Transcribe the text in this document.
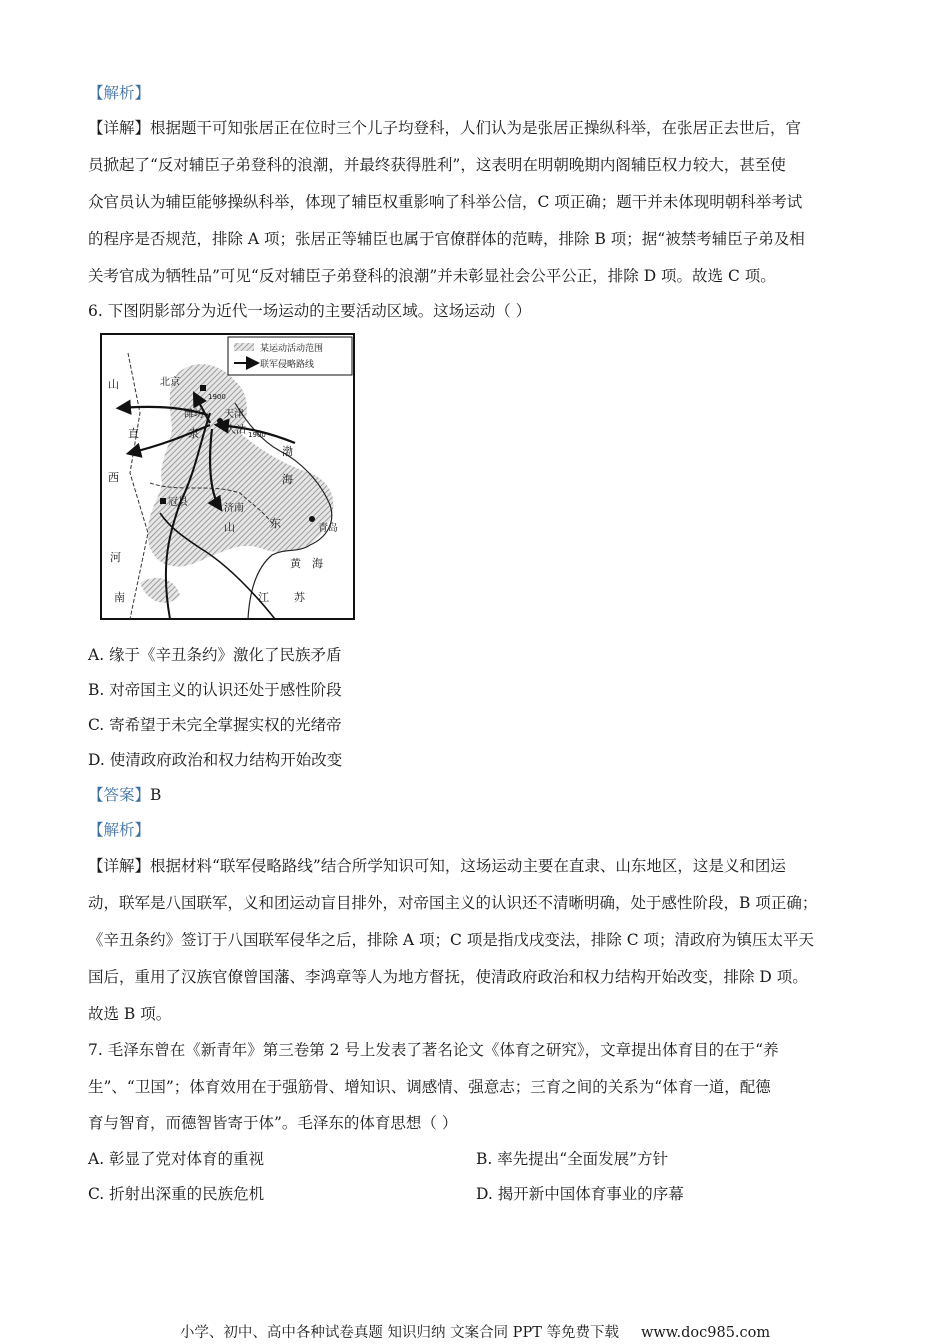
【解析】
【详解】根据题干可知张居正在位时三个儿子均登科，人们认为是张居正操纵科举，在张居正去世后，官
员掀起了“反对辅臣子弟登科的浪潮，并最终获得胜利”，这表明在明朝晚期内阁辅臣权力较大，甚至使
众官员认为辅臣能够操纵科举，体现了辅臣权重影响了科举公信，C 项正确；题干并未体现明朝科举考试
的程序是否规范，排除 A 项；张居正等辅臣也属于官僚群体的范畴，排除 B 项；据“被禁考辅臣子弟及相
关考官成为牺牲品”可见“反对辅臣子弟登科的浪潮”并未彰显社会公平公正，排除 D 项。故选 C 项。
6. 下图阴影部分为近代一场运动的主要活动区域。这场运动（ ）
某运动活动范围
联军侵略路线
山
西
北京
1900
潍坊 天津
1900
大沽
渤
直	隶
海
冠县
济南
山	东	青岛
河	黄 海
南	江 苏
A. 缘于《辛丑条约》激化了民族矛盾
B. 对帝国主义的认识还处于感性阶段
C. 寄希望于未完全掌握实权的光绪帝
D. 使清政府政治和权力结构开始改变
【答案】B
【解析】
【详解】根据材料“联军侵略路线”结合所学知识可知，这场运动主要在直隶、山东地区，这是义和团运
动，联军是八国联军，义和团运动盲目排外，对帝国主义的认识还不清晰明确，处于感性阶段，B 项正确；
《辛丑条约》签订于八国联军侵华之后，排除 A 项；C 项是指戊戌变法，排除 C 项；清政府为镇压太平天
国后，重用了汉族官僚曾国藩、李鸿章等人为地方督抚，使清政府政治和权力结构开始改变，排除 D 项。
故选 B 项。
7. 毛泽东曾在《新青年》第三卷第 2 号上发表了著名论文《体育之研究》，文章提出体育目的在于“养
生”、“卫国”；体育效用在于强筋骨、增知识、调感情、强意志；三育之间的关系为“体育一道，配德
育与智育，而德智皆寄于体”。毛泽东的体育思想（ ）
A. 彰显了党对体育的重视	B. 率先提出“全面发展”方针
C. 折射出深重的民族危机	D. 揭开新中国体育事业的序幕
小学、初中、高中各种试卷真题 知识归纳 文案合同 PPT 等免费下载 www.doc985.com
